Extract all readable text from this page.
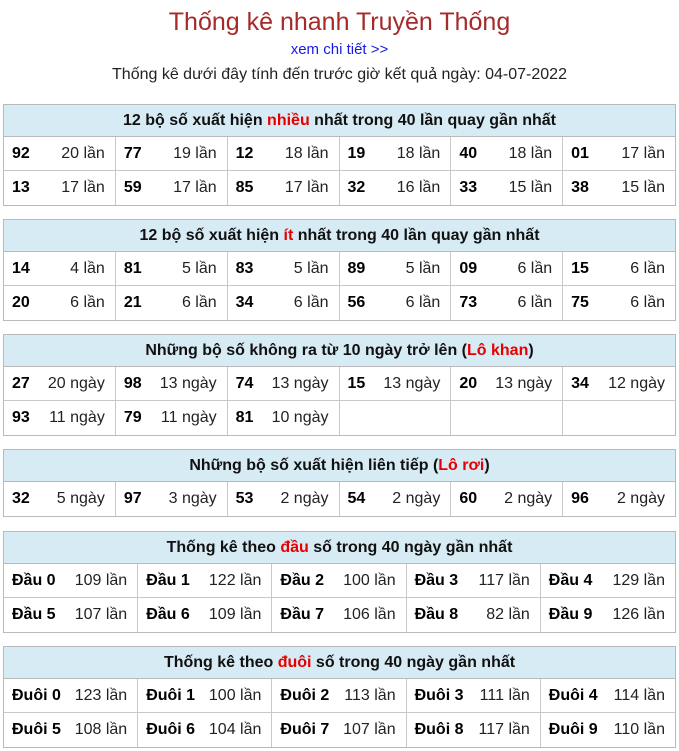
Thống kê nhanh Truyền Thống
xem chi tiết >>
Thống kê dưới đây tính đến trước giờ kết quả ngày: 04-07-2022
12 bộ số xuất hiện nhiều nhất trong 40 lần quay gần nhất
92 20 lần 77 19 lần 12 18 lần 19 18 lần 40 18 lần 01 17 lần
13 17 lần 59 17 lần 85 17 lần 32 16 lần 33 15 lần 38 15 lần
12 bộ số xuất hiện ít nhất trong 40 lần quay gần nhất
14	4 lần 81	5 lần 83	5 lần 89	5 lần 09	6 lần 15	6 lần
20	6 lần 21	6 lần 34	6 lần 56	6 lần 73	6 lần 75	6 lần
Những bộ số không ra từ 10 ngày trở lên (Lô khan)
27 20 ngày 98 13 ngày 74 13 ngày 15 13 ngày 20 13 ngày 34 12 ngày
93 11 ngày 79 11 ngày 81 10 ngày
Những bộ số xuất hiện liên tiếp (Lô rơi)
32 5 ngày 97 3 ngày 53 2 ngày 54 2 ngày 60 2 ngày 96 2 ngày
Thống kê theo đầu số trong 40 ngày gần nhất
Đầu 0 109 lần Đầu 1 122 lần Đầu 2 100 lần Đầu 3 117 lần Đầu 4 129 lần
Đầu 5 107 lần Đầu 6 109 lần Đầu 7 106 lần Đầu 8 82 lần Đầu 9 126 lần
Thống kê theo đuôi số trong 40 ngày gần nhất
Đuôi 0 123 lần Đuôi 1 100 lần Đuôi 2 113 lần Đuôi 3 111 lần Đuôi 4 114 lần
Đuôi 5 108 lần Đuôi 6 104 lần Đuôi 7 107 lần Đuôi 8 117 lần Đuôi 9 110 lần
